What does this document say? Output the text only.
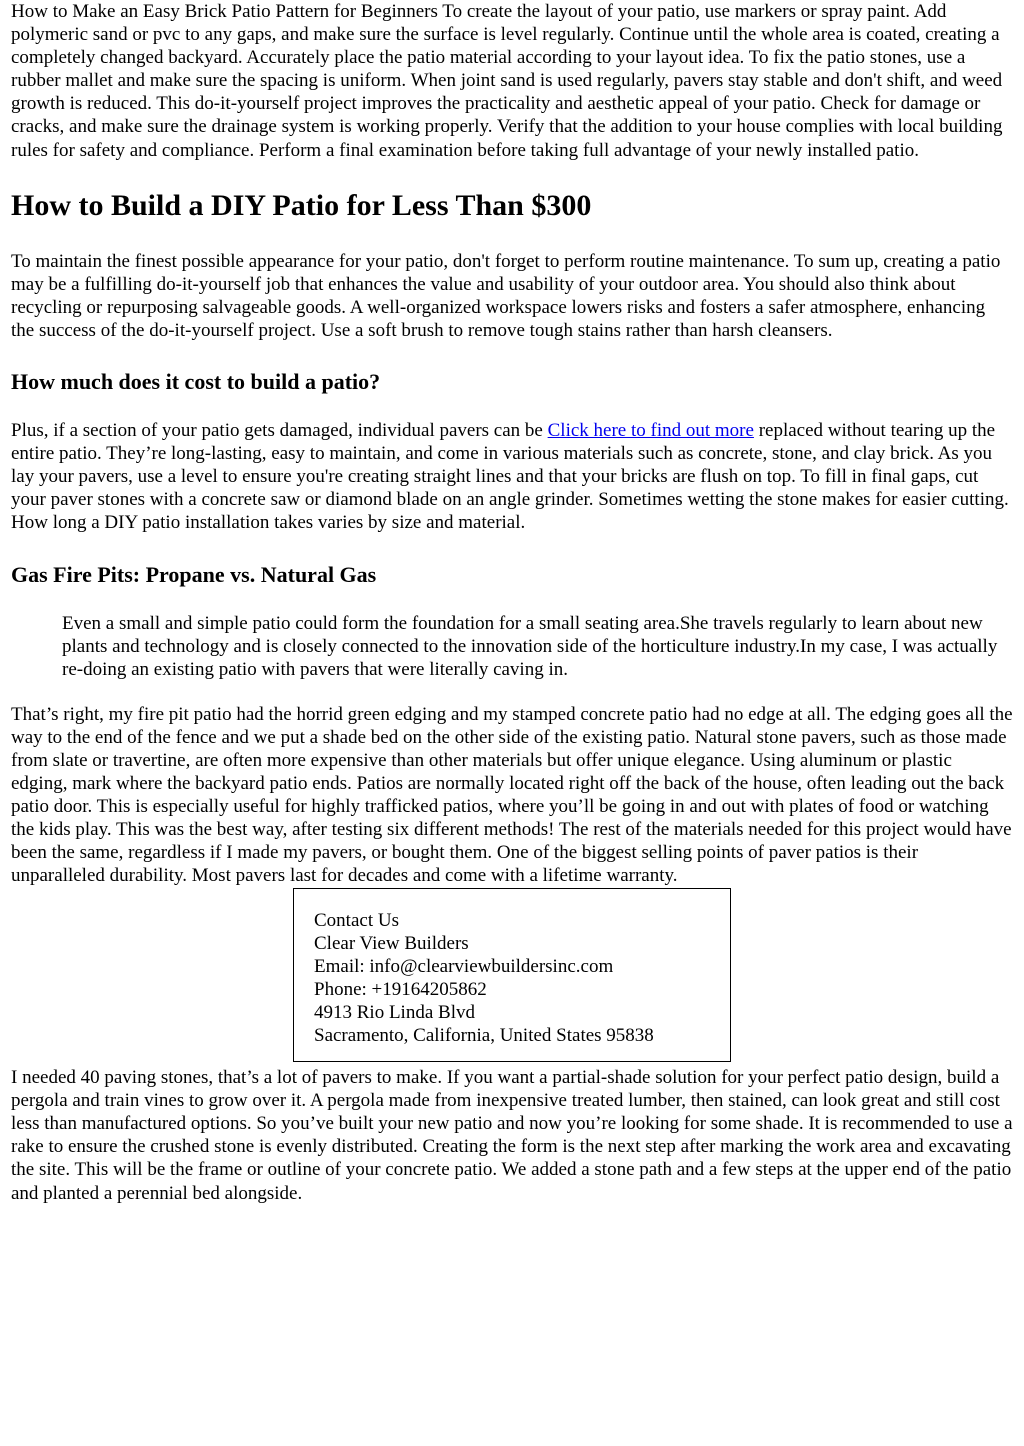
How to Make an Easy Brick Patio Pattern for Beginners To create the layout of your patio, use markers or spray paint. Add polymeric sand or pvc to any gaps, and make sure the surface is level regularly. Continue until the whole area is coated, creating a completely changed backyard. Accurately place the patio material according to your layout idea. To fix the patio stones, use a rubber mallet and make sure the spacing is uniform. When joint sand is used regularly, pavers stay stable and don't shift, and weed growth is reduced. This do-it-yourself project improves the practicality and aesthetic appeal of your patio. Check for damage or cracks, and make sure the drainage system is working properly. Verify that the addition to your house complies with local building rules for safety and compliance. Perform a final examination before taking full advantage of your newly installed patio.

How to Build a DIY Patio for Less Than $300

To maintain the finest possible appearance for your patio, don't forget to perform routine maintenance. To sum up, creating a patio may be a fulfilling do-it-yourself job that enhances the value and usability of your outdoor area. You should also think about recycling or repurposing salvageable goods. A well-organized workspace lowers risks and fosters a safer atmosphere, enhancing the success of the do-it-yourself project. Use a soft brush to remove tough stains rather than harsh cleansers.

How much does it cost to build a patio?

Plus, if a section of your patio gets damaged, individual pavers can be Click here to find out more replaced without tearing up the entire patio. They’re long-lasting, easy to maintain, and come in various materials such as concrete, stone, and clay brick. As you lay your pavers, use a level to ensure you're creating straight lines and that your bricks are flush on top. To fill in final gaps, cut your paver stones with a concrete saw or diamond blade on an angle grinder. Sometimes wetting the stone makes for easier cutting. How long a DIY patio installation takes varies by size and material.

Gas Fire Pits: Propane vs. Natural Gas
Even a small and simple patio could form the foundation for a small seating area.She travels regularly to learn about new plants and technology and is closely connected to the innovation side of the horticulture industry.In my case, I was actually re-doing an existing patio with pavers that were literally caving in.

That’s right, my fire pit patio had the horrid green edging and my stamped concrete patio had no edge at all. The edging goes all the way to the end of the fence and we put a shade bed on the other side of the existing patio. Natural stone pavers, such as those made from slate or travertine, are often more expensive than other materials but offer unique elegance. Using aluminum or plastic edging, mark where the backyard patio ends. Patios are normally located right off the back of the house, often leading out the back patio door. This is especially useful for highly trafficked patios, where you’ll be going in and out with plates of food or watching the kids play. This was the best way, after testing six different methods! The rest of the materials needed for this project would have been the same, regardless if I made my pavers, or bought them. One of the biggest selling points of paver patios is their unparalleled durability. Most pavers last for decades and come with a lifetime warranty.

Contact Us
Clear View Builders
Email: info@clearviewbuildersinc.com
Phone: +19164205862
4913 Rio Linda Blvd
Sacramento, California, United States 95838

I needed 40 paving stones, that’s a lot of pavers to make. If you want a partial-shade solution for your perfect patio design, build a pergola and train vines to grow over it. A pergola made from inexpensive treated lumber, then stained, can look great and still cost less than manufactured options. So you’ve built your new patio and now you’re looking for some shade. It is recommended to use a rake to ensure the crushed stone is evenly distributed. Creating the form is the next step after marking the work area and excavating the site. This will be the frame or outline of your concrete patio. We added a stone path and a few steps at the upper end of the patio and planted a perennial bed alongside.
